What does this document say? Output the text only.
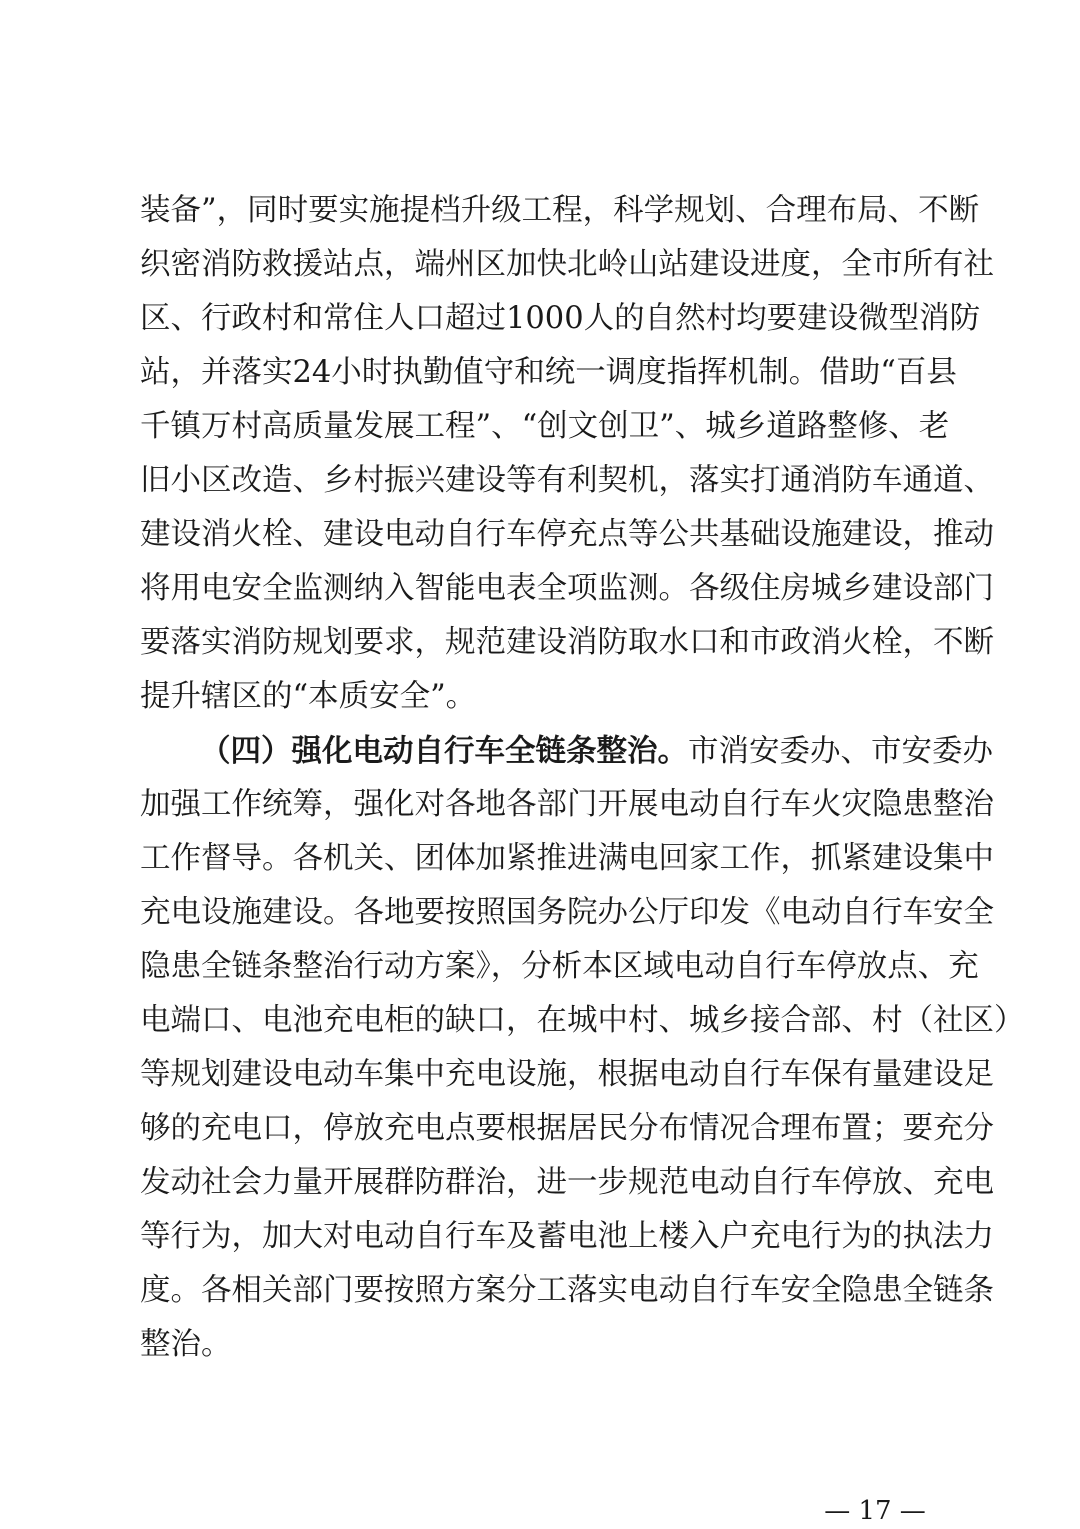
装备”，同时要实施提档升级工程，科学规划、合理布局、不断
织密消防救援站点，端州区加快北岭山站建设进度，全市所有社
区、行政村和常住人口超过1000人的自然村均要建设微型消防
站，并落实24小时执勤值守和统一调度指挥机制。借助“百县
千镇万村高质量发展工程”、“创文创卫”、城乡道路整修、老
旧小区改造、乡村振兴建设等有利契机，落实打通消防车通道、
建设消火栓、建设电动自行车停充点等公共基础设施建设，推动
将用电安全监测纳入智能电表全项监测。各级住房城乡建设部门
要落实消防规划要求，规范建设消防取水口和市政消火栓，不断
提升辖区的“本质安全”。
（四）强化电动自行车全链条整治。市消安委办、市安委办
加强工作统筹，强化对各地各部门开展电动自行车火灾隐患整治
工作督导。各机关、团体加紧推进满电回家工作，抓紧建设集中
充电设施建设。各地要按照国务院办公厅印发《电动自行车安全
隐患全链条整治行动方案》，分析本区域电动自行车停放点、充
电端口、电池充电柜的缺口，在城中村、城乡接合部、村（社区）
等规划建设电动车集中充电设施，根据电动自行车保有量建设足
够的充电口，停放充电点要根据居民分布情况合理布置；要充分
发动社会力量开展群防群治，进一步规范电动自行车停放、充电
等行为，加大对电动自行车及蓄电池上楼入户充电行为的执法力
度。各相关部门要按照方案分工落实电动自行车安全隐患全链条
整治。
— 17 —
